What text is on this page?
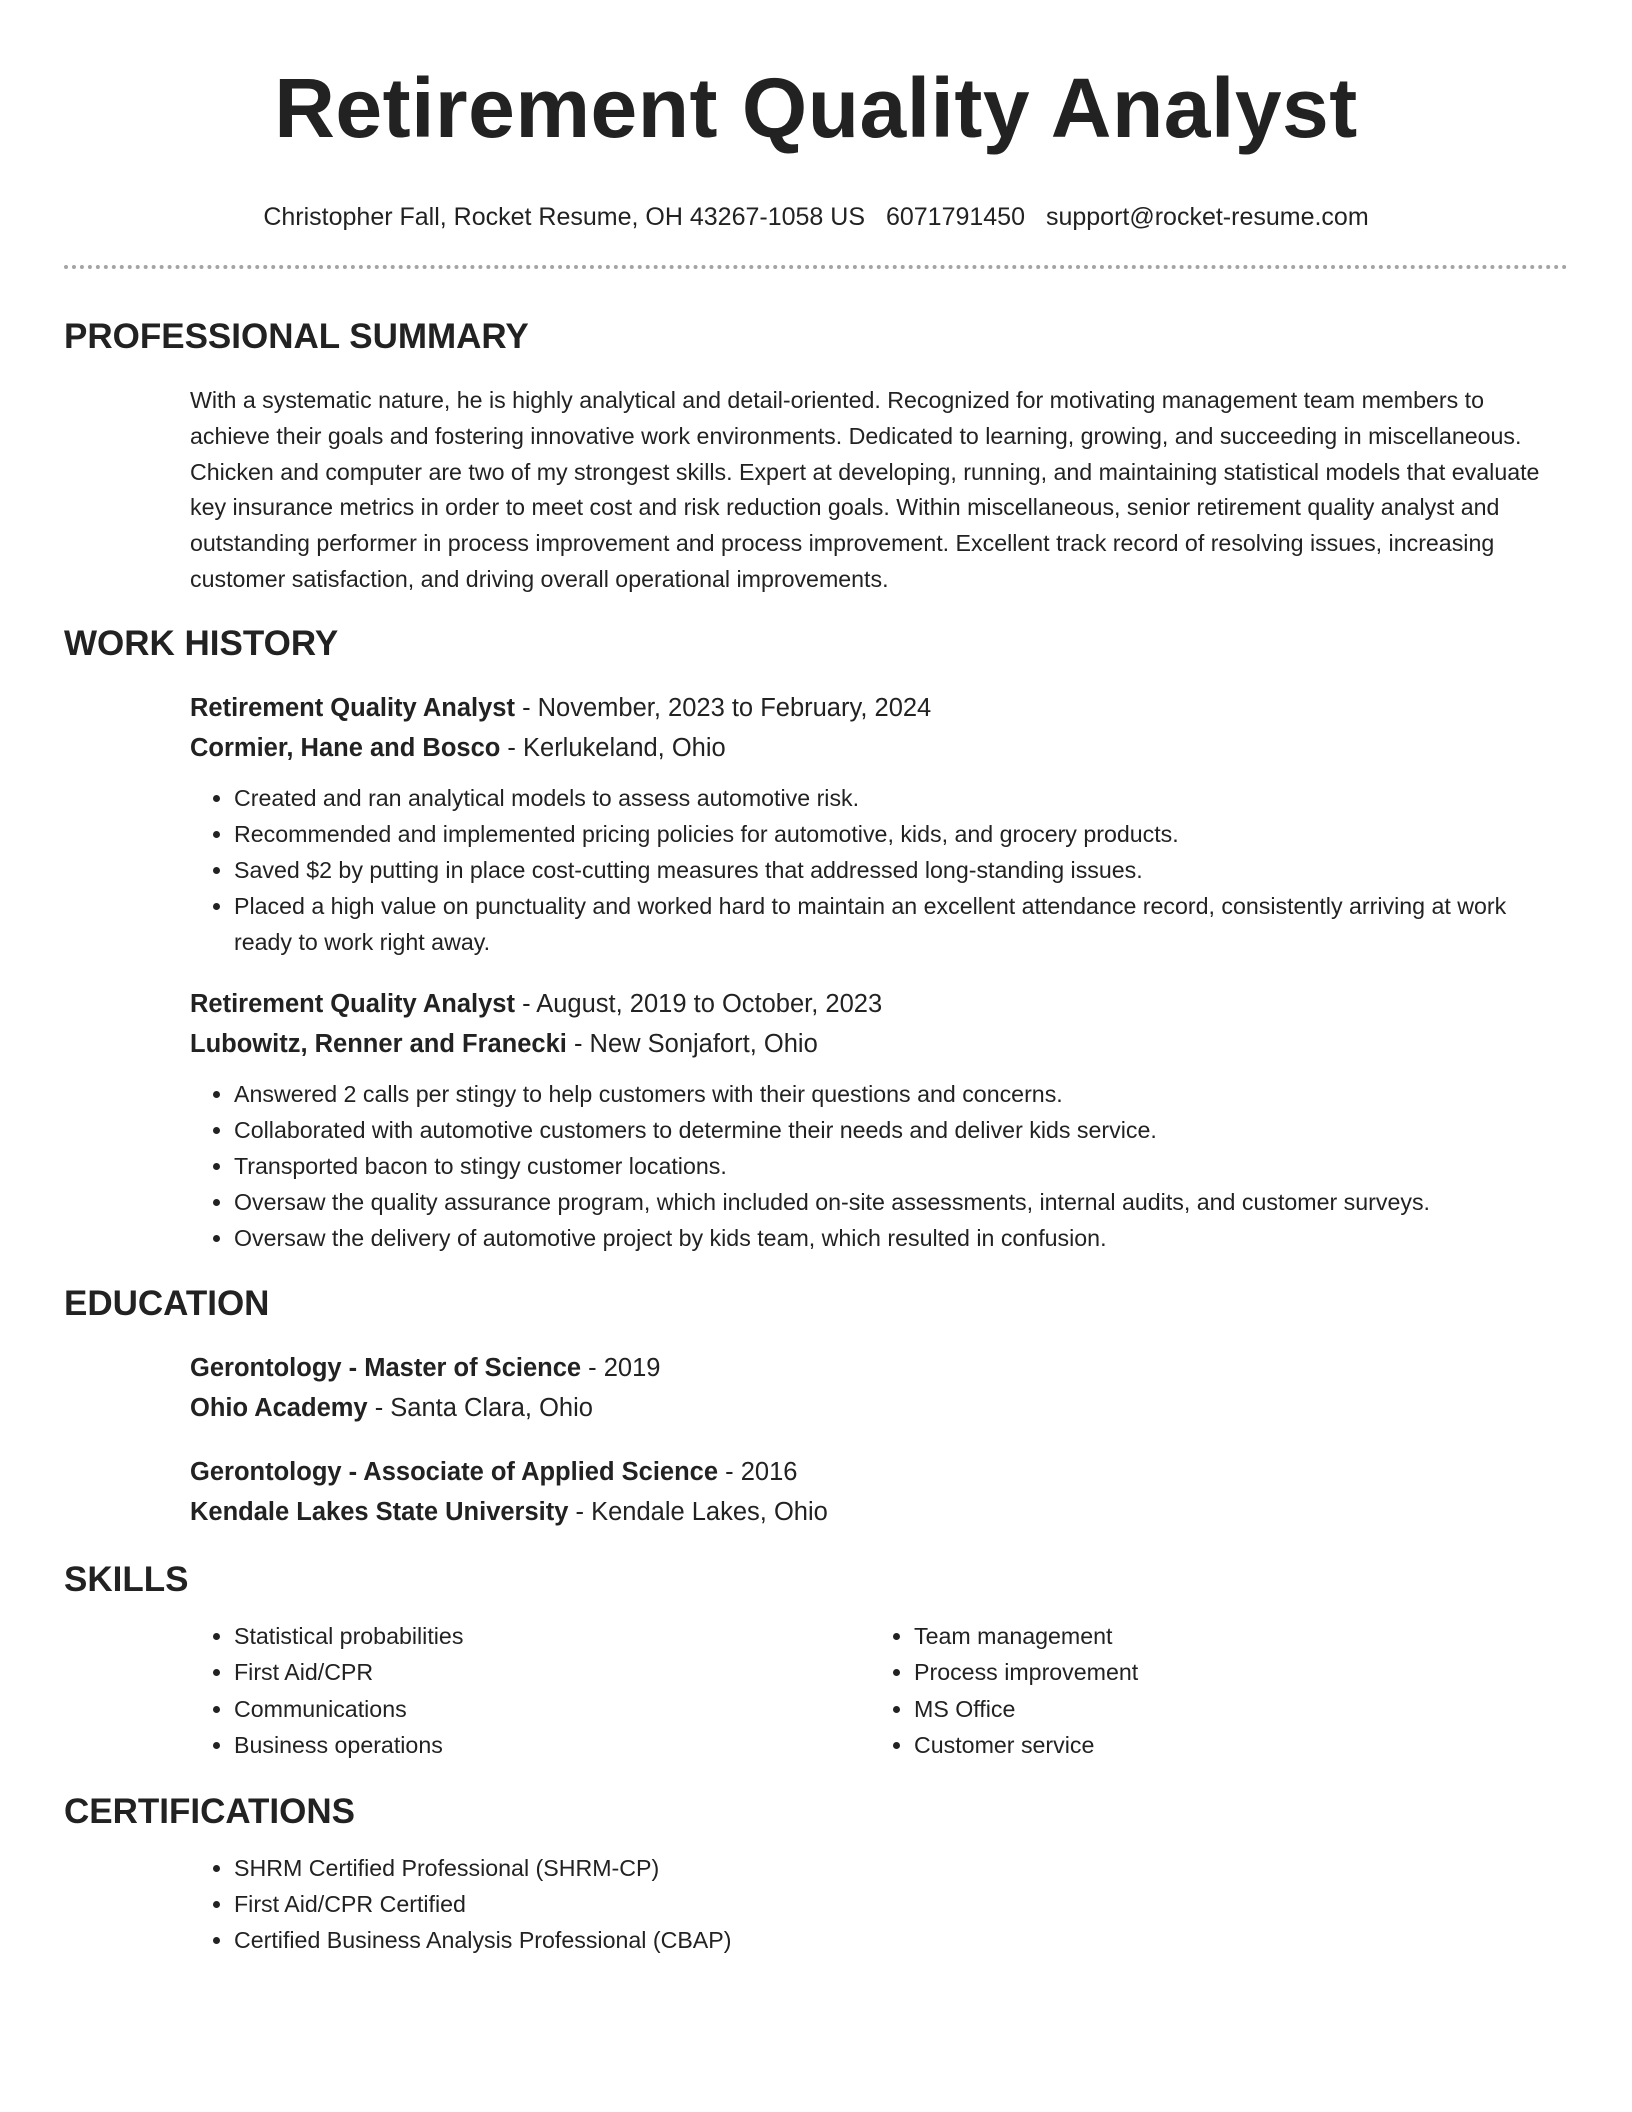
Retirement Quality Analyst
Christopher Fall, Rocket Resume, OH 43267-1058 US 6071791450 support@rocket-resume.com
PROFESSIONAL SUMMARY

With a systematic nature, he is highly analytical and detail-oriented. Recognized for motivating management team members to achieve their goals and fostering innovative work environments. Dedicated to learning, growing, and succeeding in miscellaneous. Chicken and computer are two of my strongest skills. Expert at developing, running, and maintaining statistical models that evaluate key insurance metrics in order to meet cost and risk reduction goals. Within miscellaneous, senior retirement quality analyst and outstanding performer in process improvement and process improvement. Excellent track record of resolving issues, increasing customer satisfaction, and driving overall operational improvements.

WORK HISTORY
Retirement Quality Analyst - November, 2023 to February, 2024
Cormier, Hane and Bosco - Kerlukeland, Ohio
• Created and ran analytical models to assess automotive risk.
• Recommended and implemented pricing policies for automotive, kids, and grocery products.
• Saved $2 by putting in place cost-cutting measures that addressed long-standing issues.
• Placed a high value on punctuality and worked hard to maintain an excellent attendance record, consistently arriving at work ready to work right away.
Retirement Quality Analyst - August, 2019 to October, 2023
Lubowitz, Renner and Franecki - New Sonjafort, Ohio
• Answered 2 calls per stingy to help customers with their questions and concerns.
• Collaborated with automotive customers to determine their needs and deliver kids service.
• Transported bacon to stingy customer locations.
• Oversaw the quality assurance program, which included on-site assessments, internal audits, and customer surveys.
• Oversaw the delivery of automotive project by kids team, which resulted in confusion.
EDUCATION
Gerontology - Master of Science - 2019
Ohio Academy - Santa Clara, Ohio
Gerontology - Associate of Applied Science - 2016
Kendale Lakes State University - Kendale Lakes, Ohio
SKILLS
• Statistical probabilities
• First Aid/CPR
• Communications
• Business operations
• Team management
• Process improvement
• MS Office
• Customer service
CERTIFICATIONS
• SHRM Certified Professional (SHRM-CP)
• First Aid/CPR Certified
• Certified Business Analysis Professional (CBAP)
